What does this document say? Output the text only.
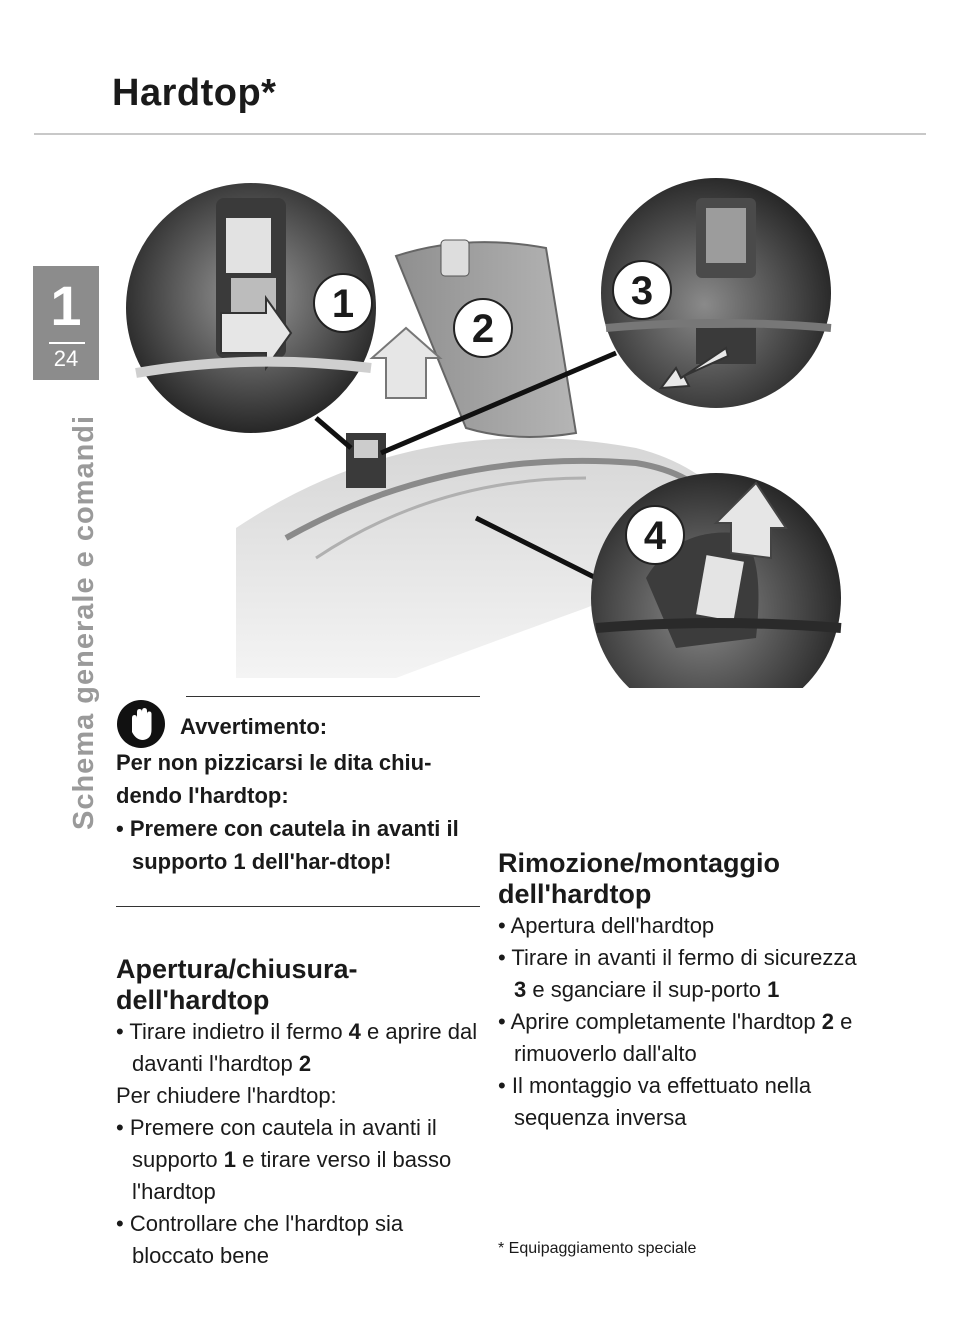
Hardtop*
1
24
Schema generale e comandi
1
2
3
4
Avvertimento:
Per non pizzicarsi le dita chiu-dendo l'hardtop:
• Premere con cautela in avanti il supporto 1 dell'har-dtop!
Apertura/chiusura-dell'hardtop

• Tirare indietro il fermo 4 e aprire dal davanti l'hardtop 2

Per chiudere l'hardtop:

• Premere con cautela in avanti il supporto 1 e tirare verso il basso l'hardtop

• Controllare che l'hardtop sia bloccato bene

Rimozione/montaggio dell'hardtop

• Apertura dell'hardtop

• Tirare in avanti il fermo di sicurezza 3 e sganciare il sup-porto 1

• Aprire completamente l'hardtop 2 e rimuoverlo dall'alto

• Il montaggio va effettuato nella sequenza inversa

* Equipaggiamento speciale
